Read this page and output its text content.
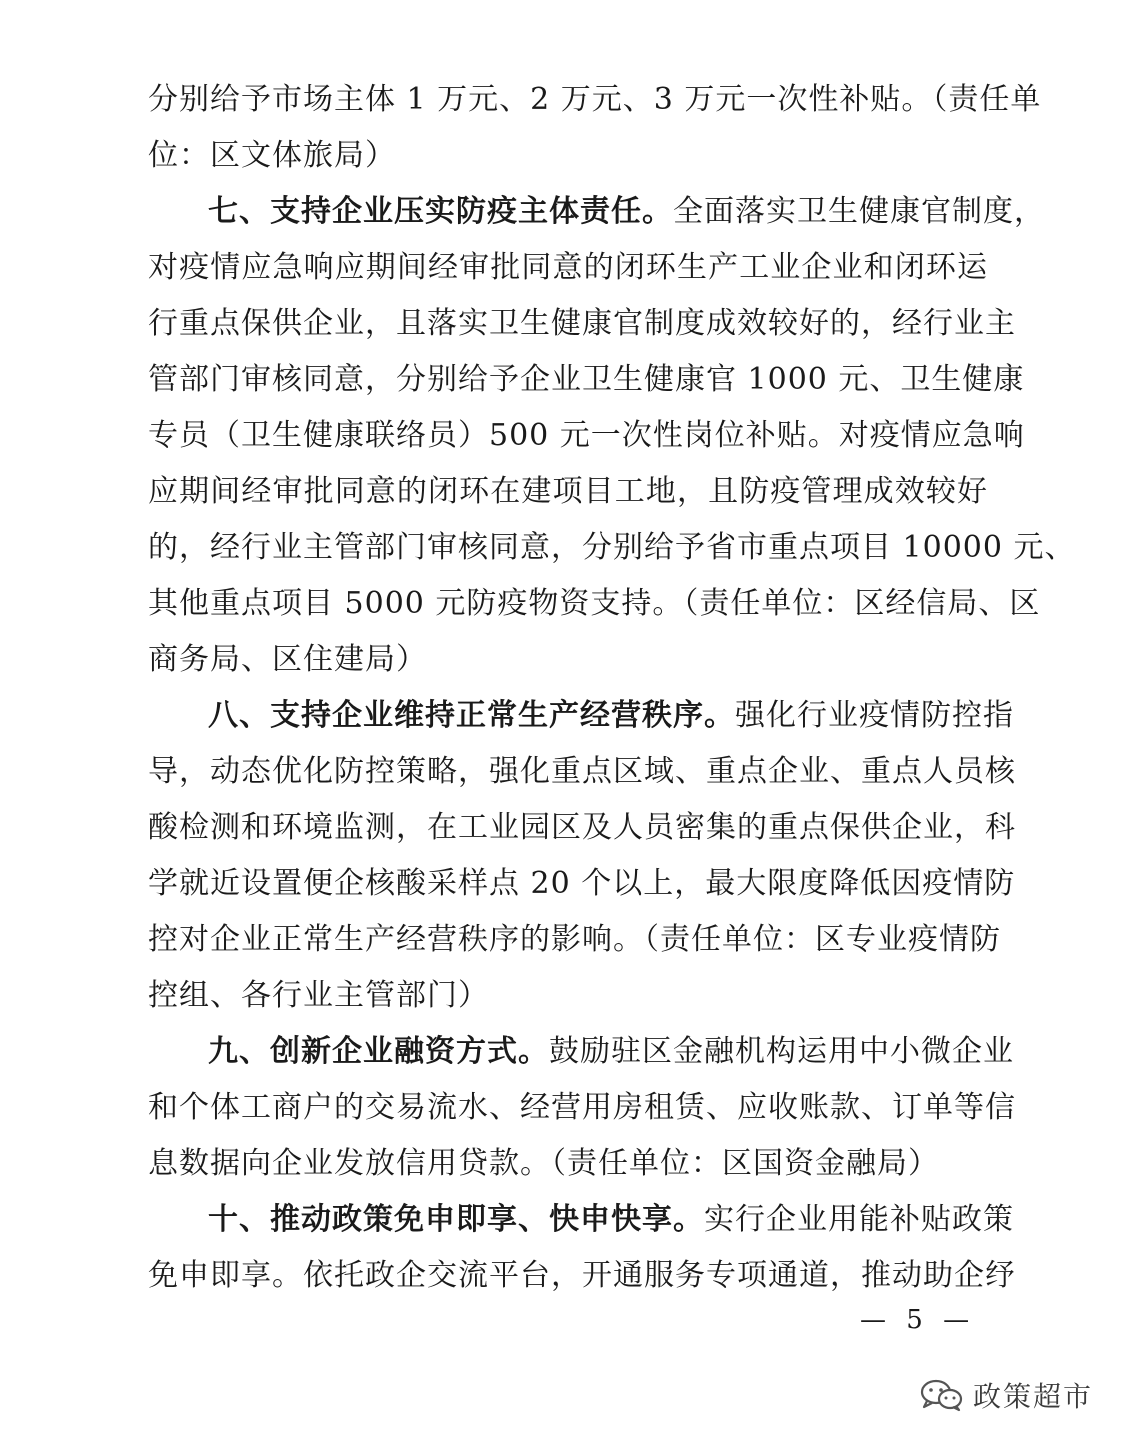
分别给予市场主体 1 万元、2 万元、3 万元一次性补贴。（责任单
位：区文体旅局）
七、支持企业压实防疫主体责任。全面落实卫生健康官制度，
对疫情应急响应期间经审批同意的闭环生产工业企业和闭环运
行重点保供企业，且落实卫生健康官制度成效较好的，经行业主
管部门审核同意，分别给予企业卫生健康官 1000 元、卫生健康
专员（卫生健康联络员）500 元一次性岗位补贴。对疫情应急响
应期间经审批同意的闭环在建项目工地，且防疫管理成效较好
的，经行业主管部门审核同意，分别给予省市重点项目 10000 元、
其他重点项目 5000 元防疫物资支持。（责任单位：区经信局、区
商务局、区住建局）
八、支持企业维持正常生产经营秩序。强化行业疫情防控指
导，动态优化防控策略，强化重点区域、重点企业、重点人员核
酸检测和环境监测，在工业园区及人员密集的重点保供企业，科
学就近设置便企核酸采样点 20 个以上，最大限度降低因疫情防
控对企业正常生产经营秩序的影响。（责任单位：区专业疫情防
控组、各行业主管部门）
九、创新企业融资方式。鼓励驻区金融机构运用中小微企业
和个体工商户的交易流水、经营用房租赁、应收账款、订单等信
息数据向企业发放信用贷款。（责任单位：区国资金融局）
十、推动政策免申即享、快申快享。实行企业用能补贴政策
免申即享。依托政企交流平台，开通服务专项通道，推动助企纾
— 5 —
政策超市
